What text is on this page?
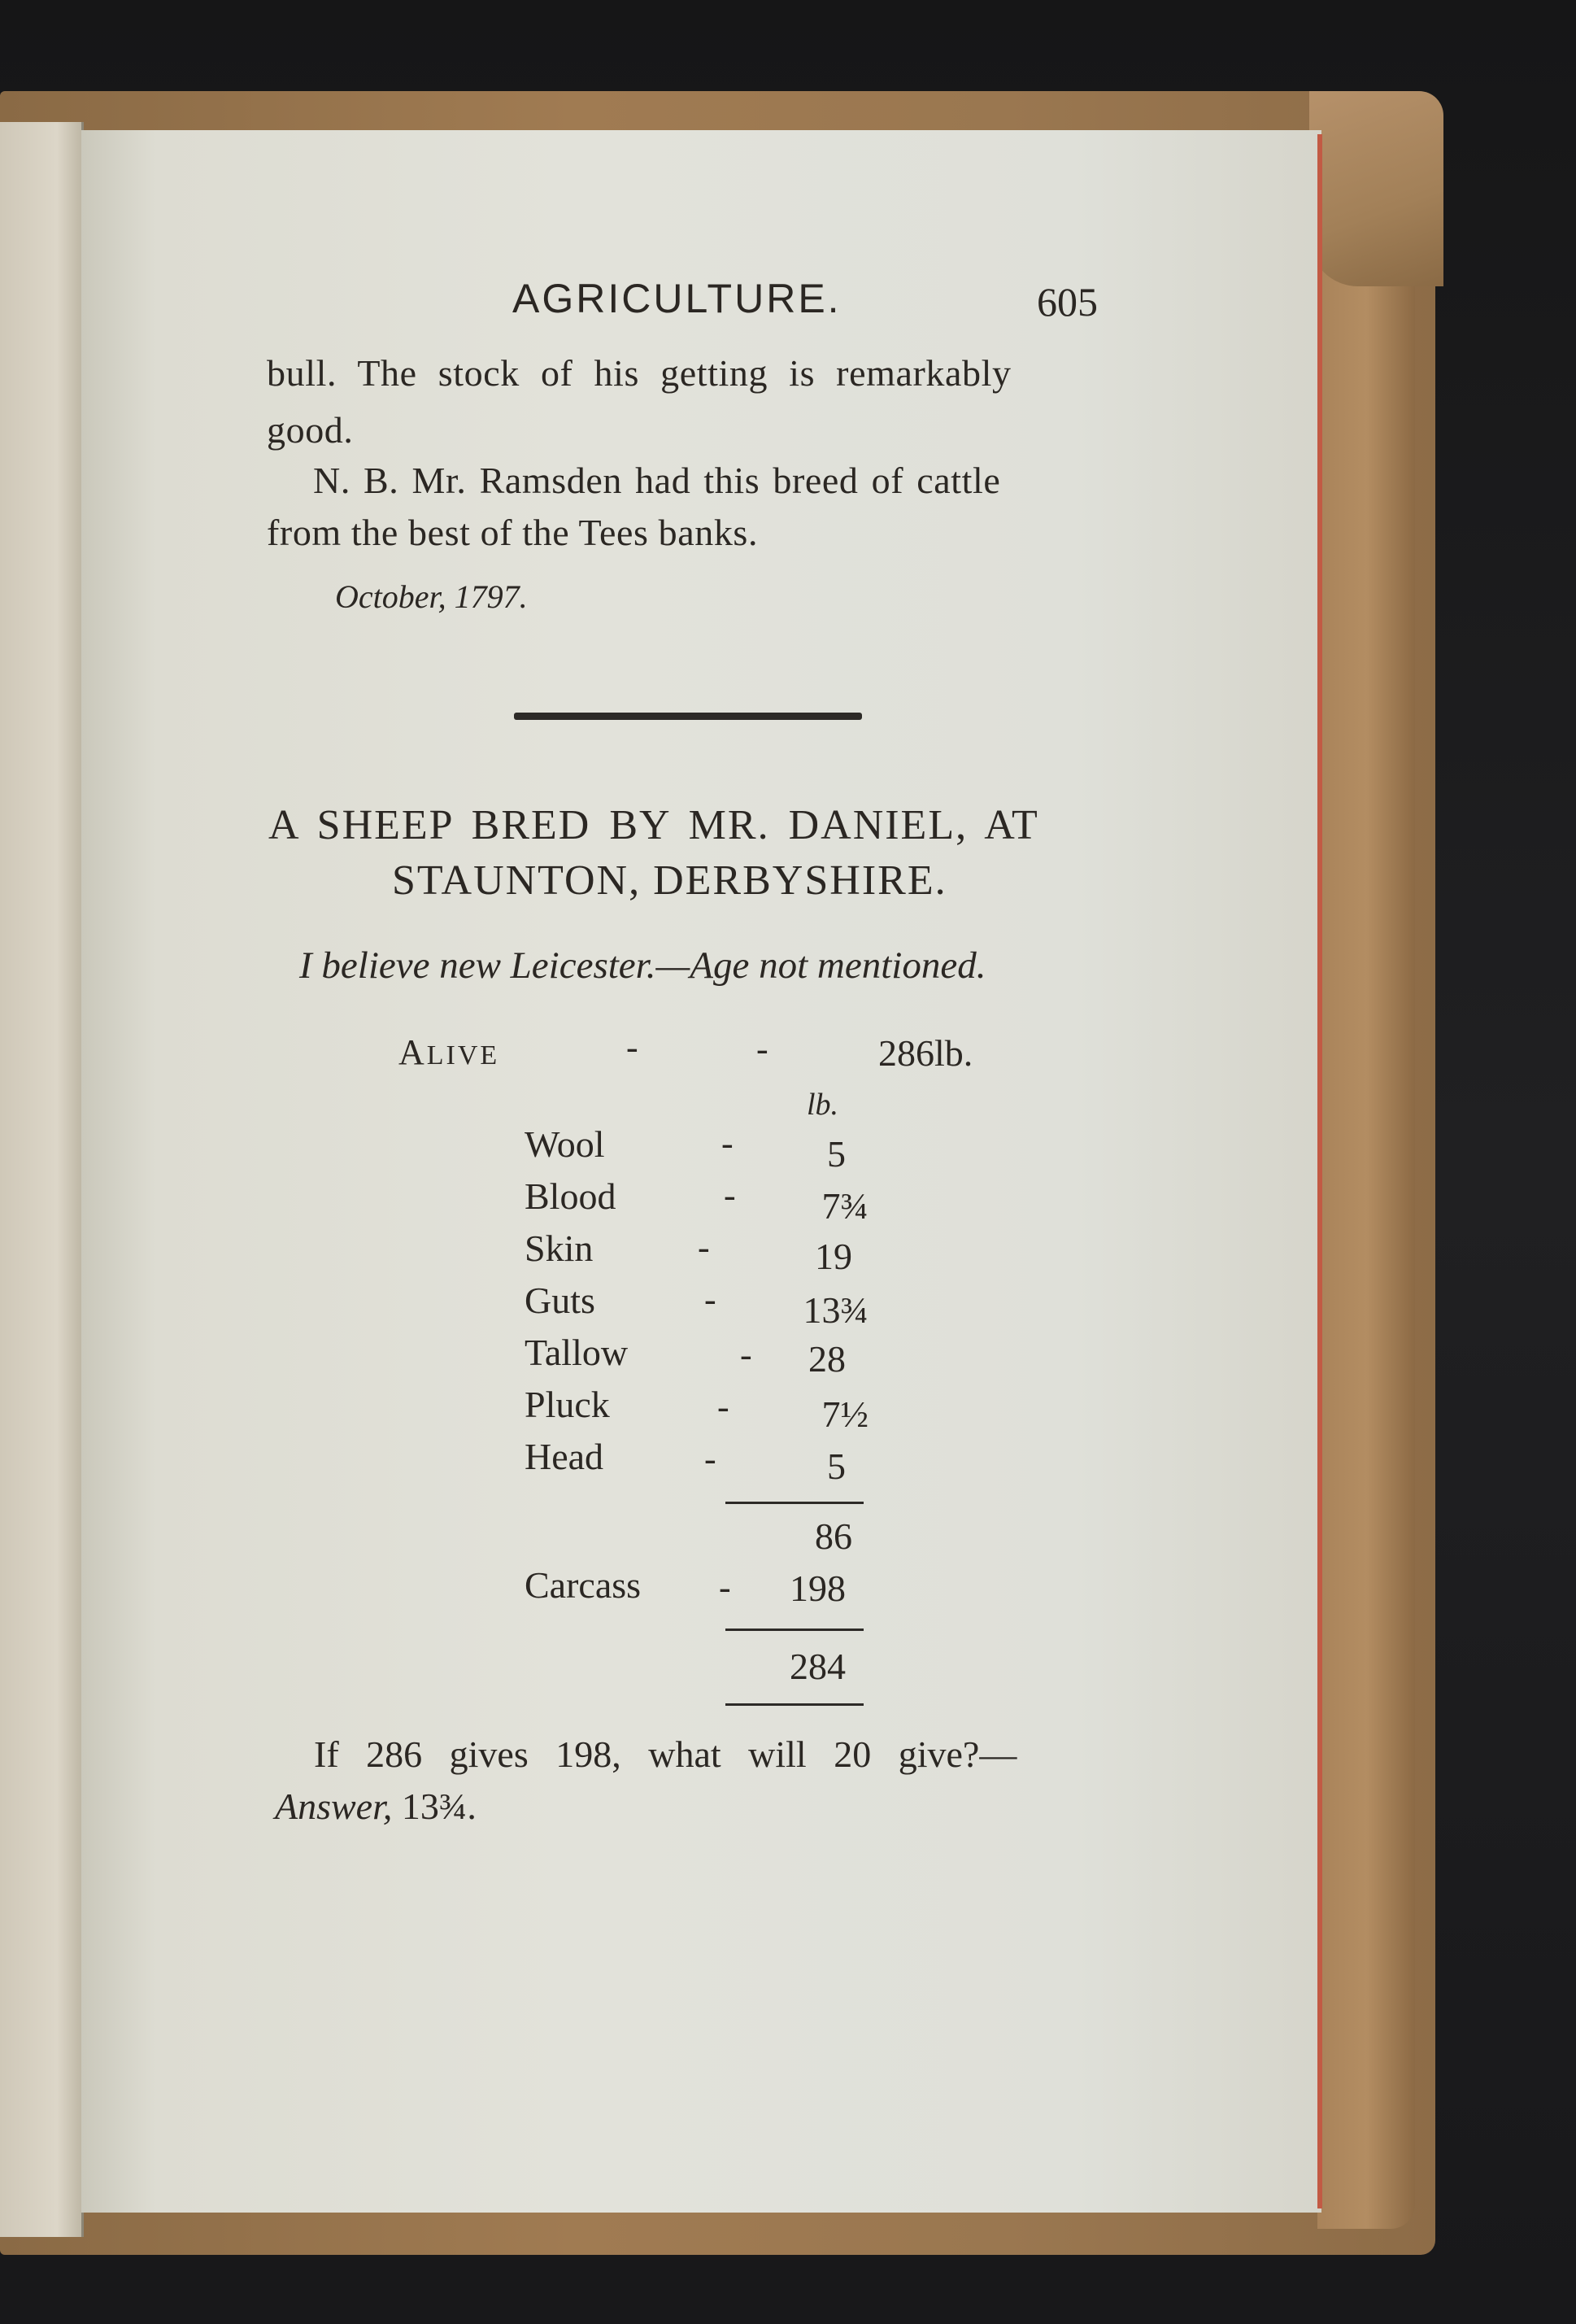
AGRICULTURE.	605
bull. The stock of his getting is remarkably
good.
N. B. Mr. Ramsden had this breed of cattle
from the best of the Tees banks.
October, 1797.
A SHEEP BRED BY MR. DANIEL, AT
STAUNTON, DERBYSHIRE.
I believe new Leicester.—Age not mentioned.
ALIVE	-	-	286lb.
lb.
Wool	-	5
Blood	-	7¾
Skin	-	19
Guts	-	13¾
Tallow	-	28
Pluck	-	7½
Head	-	5
86
Carcass -	198
284
If 286 gives 198, what will 20 give?—
Answer, 13¾.
